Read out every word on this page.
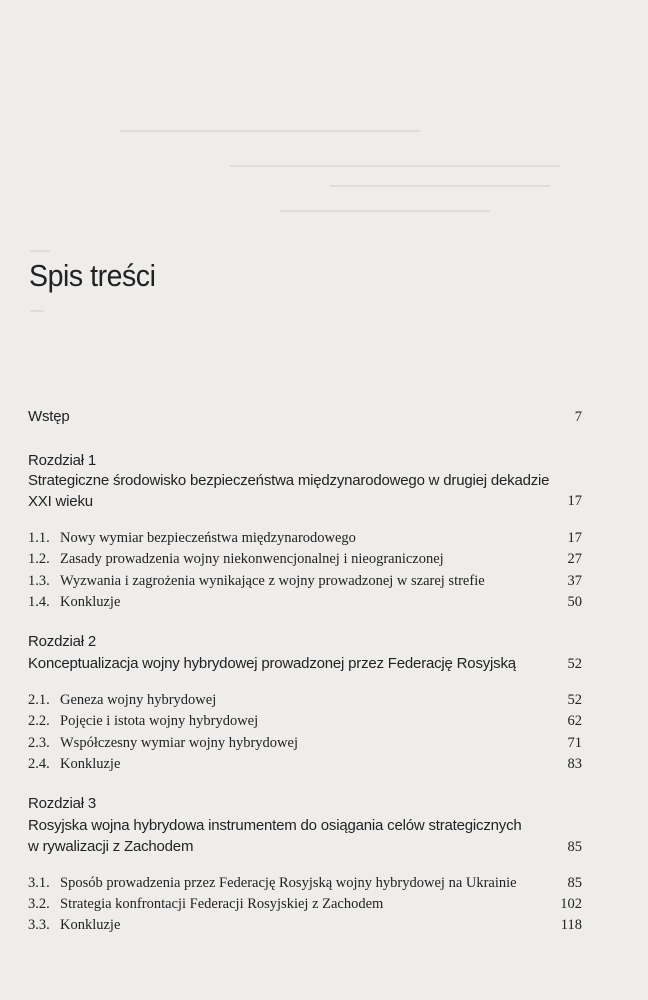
Spis treści
Wstęp	7
Rozdział 1
Strategiczne środowisko bezpieczeństwa międzynarodowego w drugiej dekadzie
XXI wieku	17
1.1. Nowy wymiar bezpieczeństwa międzynarodowego	17
1.2. Zasady prowadzenia wojny niekonwencjonalnej i nieograniczonej	27
1.3. Wyzwania i zagrożenia wynikające z wojny prowadzonej w szarej strefie	37
1.4. Konkluzje	50
Rozdział 2
Konceptualizacja wojny hybrydowej prowadzonej przez Federację Rosyjską	52
2.1. Geneza wojny hybrydowej	52
2.2. Pojęcie i istota wojny hybrydowej	62
2.3. Współczesny wymiar wojny hybrydowej	71
2.4. Konkluzje	83
Rozdział 3
Rosyjska wojna hybrydowa instrumentem do osiągania celów strategicznych
w rywalizacji z Zachodem	85
3.1. Sposób prowadzenia przez Federację Rosyjską wojny hybrydowej na Ukrainie	85
3.2. Strategia konfrontacji Federacji Rosyjskiej z Zachodem	102
3.3. Konkluzje	118
